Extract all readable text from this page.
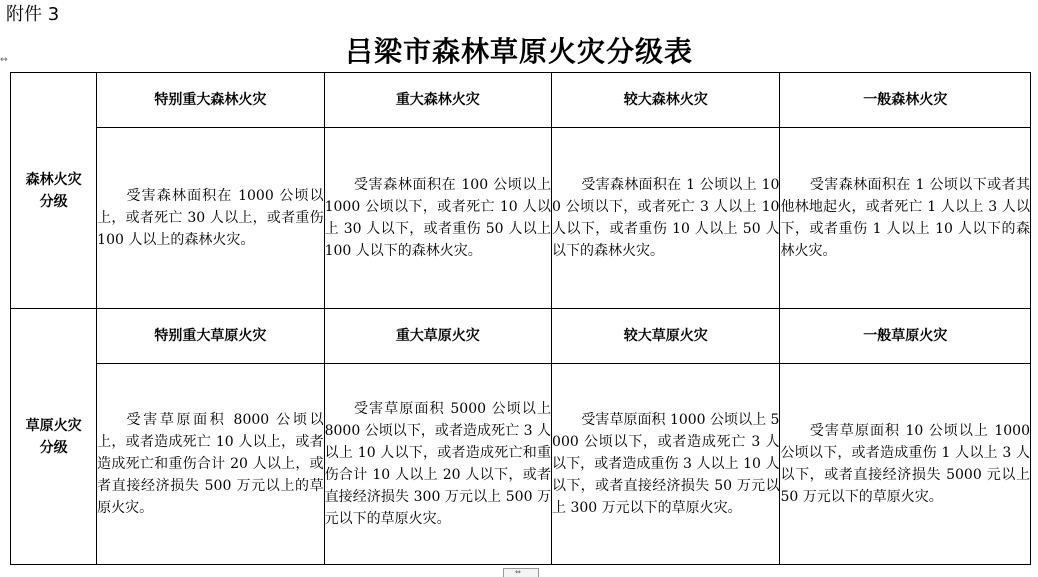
附件 3
↔	吕梁市森林草原火灾分级表
森林火灾
分级	特别重大森林火灾	重大森林火灾	较大森林火灾	一般森林火灾
	受害森林面积在 1000 公顷以上，或者死亡 30 人以上，或者重伤 100 人以上的森林火灾。	受害森林面积在 100 公顷以上 1000 公顷以下，或者死亡 10 人以上 30 人以下，或者重伤 50 人以上 100 人以下的森林火灾。	受害森林面积在 1 公顷以上 100 公顷以下，或者死亡 3 人以上 10 人以下，或者重伤 10 人以上 50 人以下的森林火灾。	受害森林面积在 1 公顷以下或者其他林地起火，或者死亡 1 人以上 3 人以下，或者重伤 1 人以上 10 人以下的森林火灾。

草原火灾
分级	特别重大草原火灾	重大草原火灾	较大草原火灾	一般草原火灾
	受害草原面积 8000 公顷以上，或者造成死亡 10 人以上，或者造成死亡和重伤合计 20 人以上，或者直接经济损失 500 万元以上的草原火灾。	受害草原面积 5000 公顷以上 8000 公顷以下，或者造成死亡 3 人以上 10 人以下，或者造成死亡和重伤合计 10 人以上 20 人以下，或者直接经济损失 300 万元以上 500 万元以下的草原火灾。	受害草原面积 1000 公顷以上 5000 公顷以下，或者造成死亡 3 人以下，或者造成重伤 3 人以上 10 人以下，或者直接经济损失 50 万元以上 300 万元以下的草原火灾。	受害草原面积 10 公顷以上 1000 公顷以下，或者造成重伤 1 人以上 3 人以下，或者直接经济损失 5000 元以上 50 万元以下的草原火灾。
⇔
